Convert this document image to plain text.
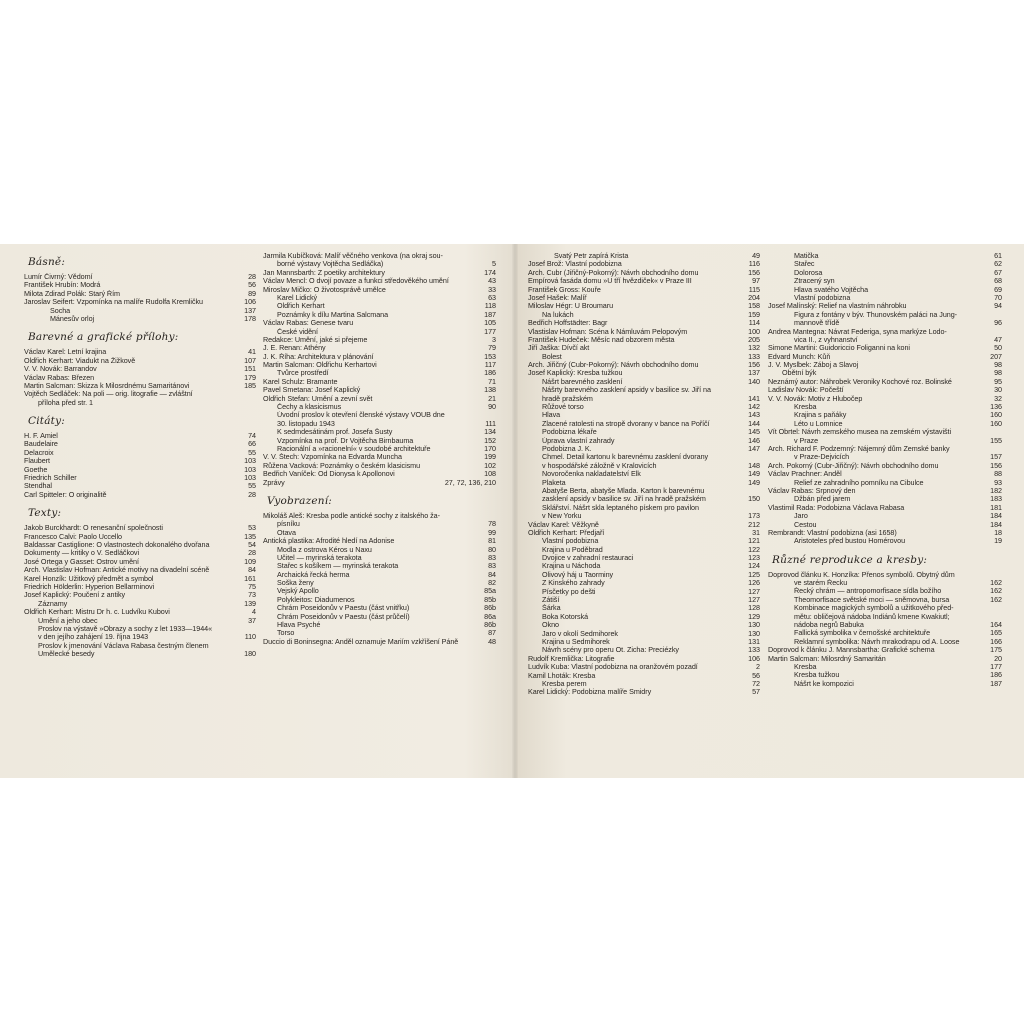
Básně:
Lumír Čivrný: Vědomí	28
František Hrubín: Modrá	56
Milota Zdirad Polák: Starý Řím	89
Jaroslav Seifert: Vzpomínka na malíře Rudolfa Kremličku	106
Socha	137
Mánesův orloj	178
Barevné a grafické přílohy:
Václav Karel: Letní krajina	41
Oldřich Kerhart: Viadukt na Žižkově	107
V. V. Novák: Barrandov	151
Václav Rabas: Březen	179
Martin Salcman: Skizza k Milosrdnému Samaritánovi	185
Vojtěch Sedláček: Na poli — orig. litografie — zvláštní
příloha před str. 1
Citáty:
H. F. Amiel	74
Baudelaire	66
Delacroix	55
Flaubert	103
Goethe	103
Friedrich Schiller	103
Stendhal	55
Carl Spitteler: O originalitě	28
Texty:
Jakob Burckhardt: O renesanční společnosti	53
Francesco Calvi: Paolo Uccello	135
Baldassar Castiglione: O vlastnostech dokonalého dvořana	54
Dokumenty — kritiky o V. Sedláčkovi	28
José Ortega y Gasset: Ostrov umění	109
Arch. Vlastislav Hofman: Antické motivy na divadelní scéně	84
Karel Honzík: Užitkový předmět a symbol	161
Friedrich Hölderlin: Hyperion Bellarminovi	75
Josef Kaplický: Poučení z antiky	73
Záznamy	139
Oldřich Kerhart: Mistru Dr h. c. Ludvíku Kubovi	4
Umění a jeho obec	37
Proslov na výstavě »Obrazy a sochy z let 1933—1944«
v den jejího zahájení 19. října 1943	110
Proslov k jmenování Václava Rabasa čestným členem
Umělecké besedy	180
Jarmila Kubíčková: Malíř věčného venkova (na okraj sou-
borné výstavy Vojtěcha Sedláčka)	5
Jan Mannsbarth: Z poetiky architektury	174
Václav Mencl: O dvojí povaze a funkci středověkého umění	43
Miroslav Mičko: O životosprávě umělce	33
Karel Lidický	63
Oldřich Kerhart	118
Poznámky k dílu Martina Salcmana	187
Václav Rabas: Genese tvaru	105
České vidění	177
Redakce: Umění, jaké si přejeme	3
J. E. Renan: Athény	79
J. K. Říha: Architektura v plánování	153
Martin Salcman: Oldřichu Kerhartovi	117
Tvůrce prostředí	186
Karel Schulz: Bramante	71
Pavel Smetana: Josef Kaplický	138
Oldřich Stefan: Umění a zevní svět	21
Čechy a klasicismus	90
Úvodní proslov k otevření členské výstavy VOUB dne
30. listopadu 1943	111
K sedmdesátinám prof. Josefa Šusty	134
Vzpomínka na prof. Dr Vojtěcha Birnbauma	152
Racionální a »racionelní« v soudobé architektuře	170
V. V. Štech: Vzpomínka na Edvarda Muncha	199
Růžena Vacková: Poznámky o českém klasicismu	102
Bedřich Vaníček: Od Dionysa k Apollonovi	108
Zprávy	27, 72, 136, 210
Vyobrazení:
Mikoláš Aleš: Kresba podle antické sochy z italského ža-
písníku	78
Otava	99
Antická plastika: Afrodité hledí na Adonise	81
Modla z ostrova Kéros u Naxu	80
Učitel — myrinská terakota	83
Stařec s košíkem — myrinská terakota	83
Archaická řecká herma	84
Soška ženy	82
Vejský Apollo	85a
Polykleitos: Diadumenos	85b
Chrám Poseidonův v Paestu (část vnitřku)	86b
Chrám Poseidonův v Paestu (část průčelí)	86a
Hlava Psyché	86b
Torso	87
Duccio di Boninsegna: Anděl oznamuje Mariím vzkříšení Páně	48
Svatý Petr zapírá Krista	49
Josef Brož: Vlastní podobizna	116
Arch. Cubr (Jiřičný-Pokorný): Návrh obchodního domu	156
Empírová fasáda domu »U tří hvězdiček« v Praze III	97
František Gross: Kouře	115
Josef Hašek: Malíř	204
Miloslav Hégr: U Broumaru	158
Na lukách	159
Bedřich Hoffstädter: Bagr	114
Vlastislav Hofman: Scéna k Námluvám Pelopovým	100
František Hudeček: Měsíc nad obzorem města	205
Jiří Jaška: Dívčí akt	132
Bolest	133
Arch. Jiřičný (Cubr-Pokorný): Návrh obchodního domu	156
Josef Kaplický: Kresba tužkou	137
Nášrt barevného zasklení	140
Nášrty barevného zasklení apsidy v basilice sv. Jiří na
hradě pražském	141
Růžové torso	142
Hlava	143
Zlacené ratolesti na stropě dvorany v bance na Poříčí	144
Podobizna lékaře	145
Úprava vlastní zahrady	146
Podobizna J. K.	147
Chmel. Detail kartonu k barevnému zasklení dvorany
v hospodářské záložně v Kralovicích	148
Novoročenka nakladatelství Elk	149
Plaketa	149
Abatyše Berta, abatyše Mlada. Karton k barevnému
zasklení apsidy v basilice sv. Jiří na hradě pražském	150
Sklářství. Nášrt skla leptaného pískem pro pavilon
v New Yorku	173
Václav Karel: Věžkyně	212
Oldřich Kerhart: Předjaří	31
Vlastní podobizna	121
Krajina u Poděbrad	122
Dvojice v zahradní restauraci	123
Krajina u Náchoda	124
Olivový háj u Taorminy	125
Z Kinského zahrady	126
Písčetky po dešti	127
Zátiší	127
Šárka	128
Boka Kotorská	129
Okno	130
Jaro v okolí Sedmihorek	130
Krajina u Sedmihorek	131
Návrh scény pro operu Ot. Zicha: Preciézky	133
Rudolf Kremlička: Litografie	106
Ludvík Kuba: Vlastní podobizna na oranžovém pozadí	2
Kamil Lhoták: Kresba	56
Kresba perem	72
Karel Lidický: Podobizna malíře Smidry	57
Matička	61
Stařec	62
Dolorosa	67
Ztracený syn	68
Hlava svatého Vojtěcha	69
Vlastní podobizna	70
Josef Malínský: Relief na vlastním náhrobku	94
Figura z fontány v býv. Thunovském paláci na Jung-
mannově třídě	96
Andrea Mantegna: Návrat Federiga, syna markýze Lodo-
vica II., z vyhnanství	47
Simone Martini: Guidoriccio Foliganni na koni	50
Edvard Munch: Kůň	207
J. V. Myslbek: Záboj a Slavoj	98
Obětní býk	98
Neznámý autor: Náhrobek Veroniky Kochové roz. Bolinské	95
Ladislav Novák: Počeští	30
V. V. Novák: Motiv z Hlubočep	32
Kresba	136
Krajina s paňáky	160
Léto u Lomnice	160
Vít Obrtel: Návrh zemského musea na zemském výstavišti
v Praze	155
Arch. Richard F. Podzemný: Nájemný dům Zemské banky
v Praze-Dejvicích	157
Arch. Pokorný (Cubr-Jiřičný): Návrh obchodního domu	156
Václav Prachner: Anděl	88
Relief ze zahradního pomníku na Cibulce	93
Václav Rabas: Srpnový den	182
Džbán před jarem	183
Vlastimil Rada: Podobizna Václava Rabasa	181
Jaro	184
Cestou	184
Rembrandt: Vlastní podobizna (asi 1658)	18
Aristoteles před bustou Homérovou	19
Různé reprodukce a kresby:
Doprovod článku K. Honzíka: Přenos symbolů. Obytný dům
ve starém Řecku	162
Řecký chrám — antropomorfisace sídla božího	162
Theomorfisace světské moci — sněmovna, bursa	162
Kombinace magických symbolů a užitkového před-
mětu: obličejová nádoba Indiánů kmene Kwakiutl;
nádoba negrů Babuka	164
Fallická symbolika v černošské architektuře	165
Reklamní symbolika: Návrh mrakodrapu od A. Loose	166
Doprovod k článku J. Mannsbartha: Grafické schema	175
Martin Salcman: Milosrdný Samaritán	20
Kresba	177
Kresba tužkou	186
Nášrt ke kompozici	187
